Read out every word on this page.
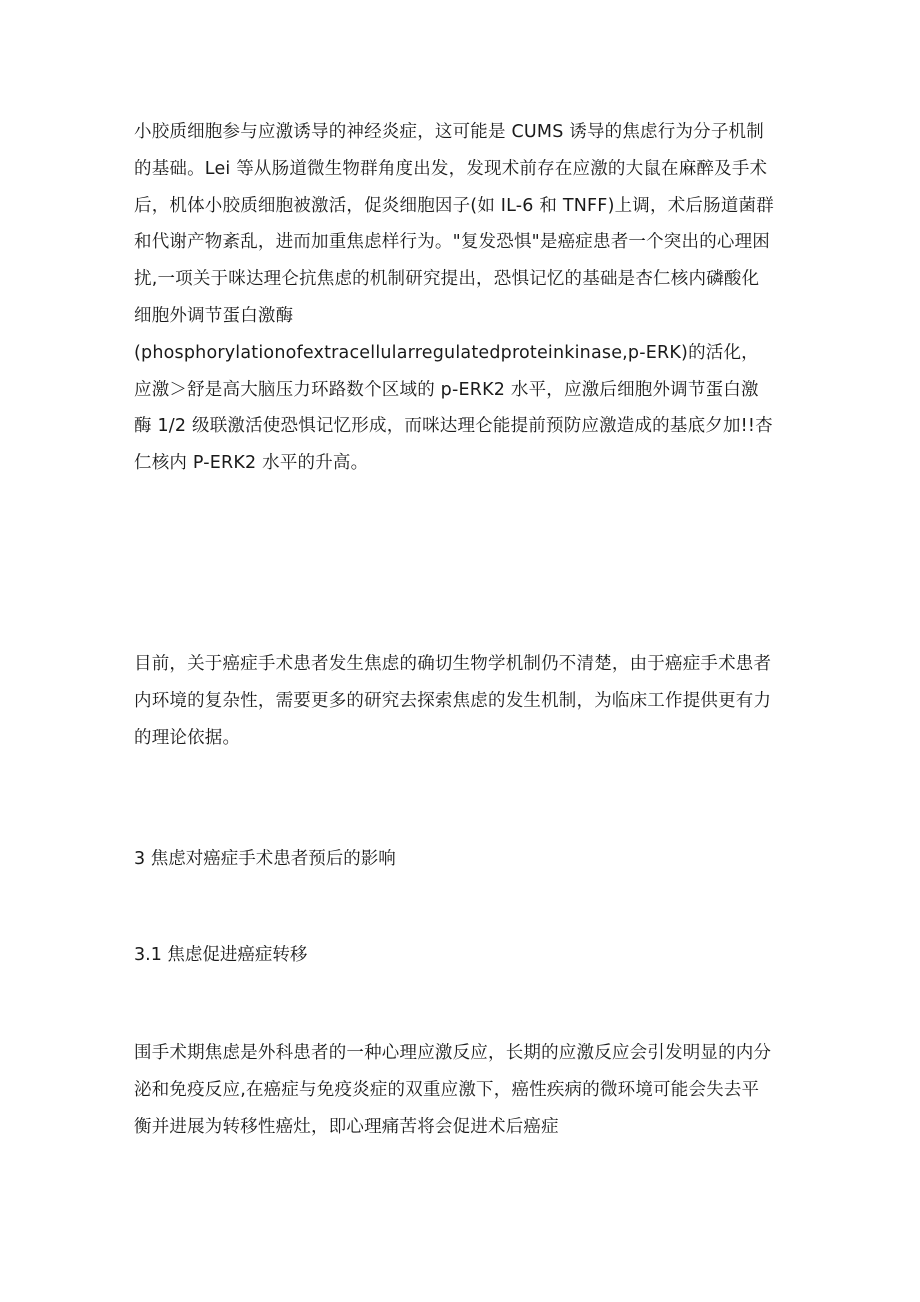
小胶质细胞参与应激诱导的神经炎症，这可能是 CUMS 诱导的焦虑行为分子机制
的基础。Lei 等从肠道微生物群角度出发，发现术前存在应激的大鼠在麻醉及手术
后，机体小胶质细胞被激活，促炎细胞因子(如 IL-6 和 TNFF)上调，术后肠道菌群
和代谢产物紊乱，进而加重焦虑样行为。"复发恐惧"是癌症患者一个突出的心理困
扰,一项关于咪达理仑抗焦虑的机制研究提出，恐惧记忆的基础是杏仁核内磷酸化
细胞外调节蛋白激酶
(phosphorylationofextracellularregulatedproteinkinase,p-ERK)的活化，
应激＞舒是高大脑压力环路数个区域的 p-ERK2 水平，应激后细胞外调节蛋白激
酶 1/2 级联激活使恐惧记忆形成，而咪达理仑能提前预防应激造成的基底夕加!!杏
仁核内 P-ERK2 水平的升高。

目前，关于癌症手术患者发生焦虑的确切生物学机制仍不清楚，由于癌症手术患者
内环境的复杂性，需要更多的研究去探索焦虑的发生机制，为临床工作提供更有力
的理论依据。

3 焦虑对癌症手术患者预后的影响
3.1 焦虑促进癌症转移

围手术期焦虑是外科患者的一种心理应激反应，长期的应激反应会引发明显的内分
泌和免疫反应,在癌症与免疫炎症的双重应激下，癌性疾病的微环境可能会失去平
衡并进展为转移性癌灶，即心理痛苦将会促进术后癌症
